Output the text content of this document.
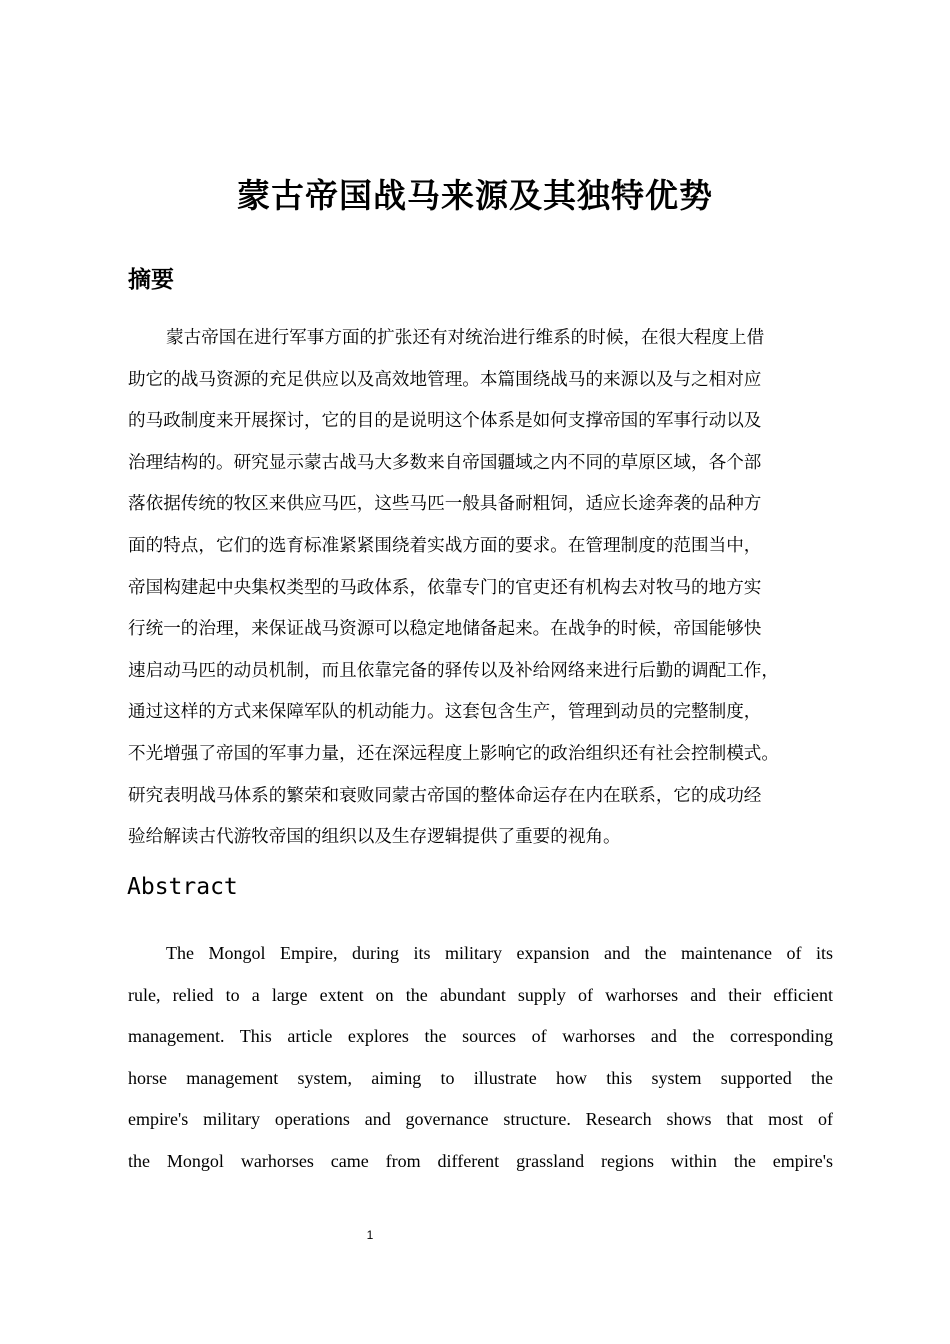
蒙古帝国战马来源及其独特优势
摘要
蒙古帝国在进行军事方面的扩张还有对统治进行维系的时候，在很大程度上借
助它的战马资源的充足供应以及高效地管理。本篇围绕战马的来源以及与之相对应
的马政制度来开展探讨，它的目的是说明这个体系是如何支撑帝国的军事行动以及
治理结构的。研究显示蒙古战马大多数来自帝国疆域之内不同的草原区域，各个部
落依据传统的牧区来供应马匹，这些马匹一般具备耐粗饲，适应长途奔袭的品种方
面的特点，它们的选育标准紧紧围绕着实战方面的要求。在管理制度的范围当中，
帝国构建起中央集权类型的马政体系，依靠专门的官吏还有机构去对牧马的地方实
行统一的治理，来保证战马资源可以稳定地储备起来。在战争的时候，帝国能够快
速启动马匹的动员机制，而且依靠完备的驿传以及补给网络来进行后勤的调配工作，
通过这样的方式来保障军队的机动能力。这套包含生产，管理到动员的完整制度，
不光增强了帝国的军事力量，还在深远程度上影响它的政治组织还有社会控制模式。
研究表明战马体系的繁荣和衰败同蒙古帝国的整体命运存在内在联系，它的成功经
验给解读古代游牧帝国的组织以及生存逻辑提供了重要的视角。
Abstract
The Mongol Empire, during its military expansion and the maintenance of its
rule, relied to a large extent on the abundant supply of warhorses and their efficient
management. This article explores the sources of warhorses and the corresponding
horse management system, aiming to illustrate how this system supported the
empire's military operations and governance structure. Research shows that most of
the Mongol warhorses came from different grassland regions within the empire's
1
